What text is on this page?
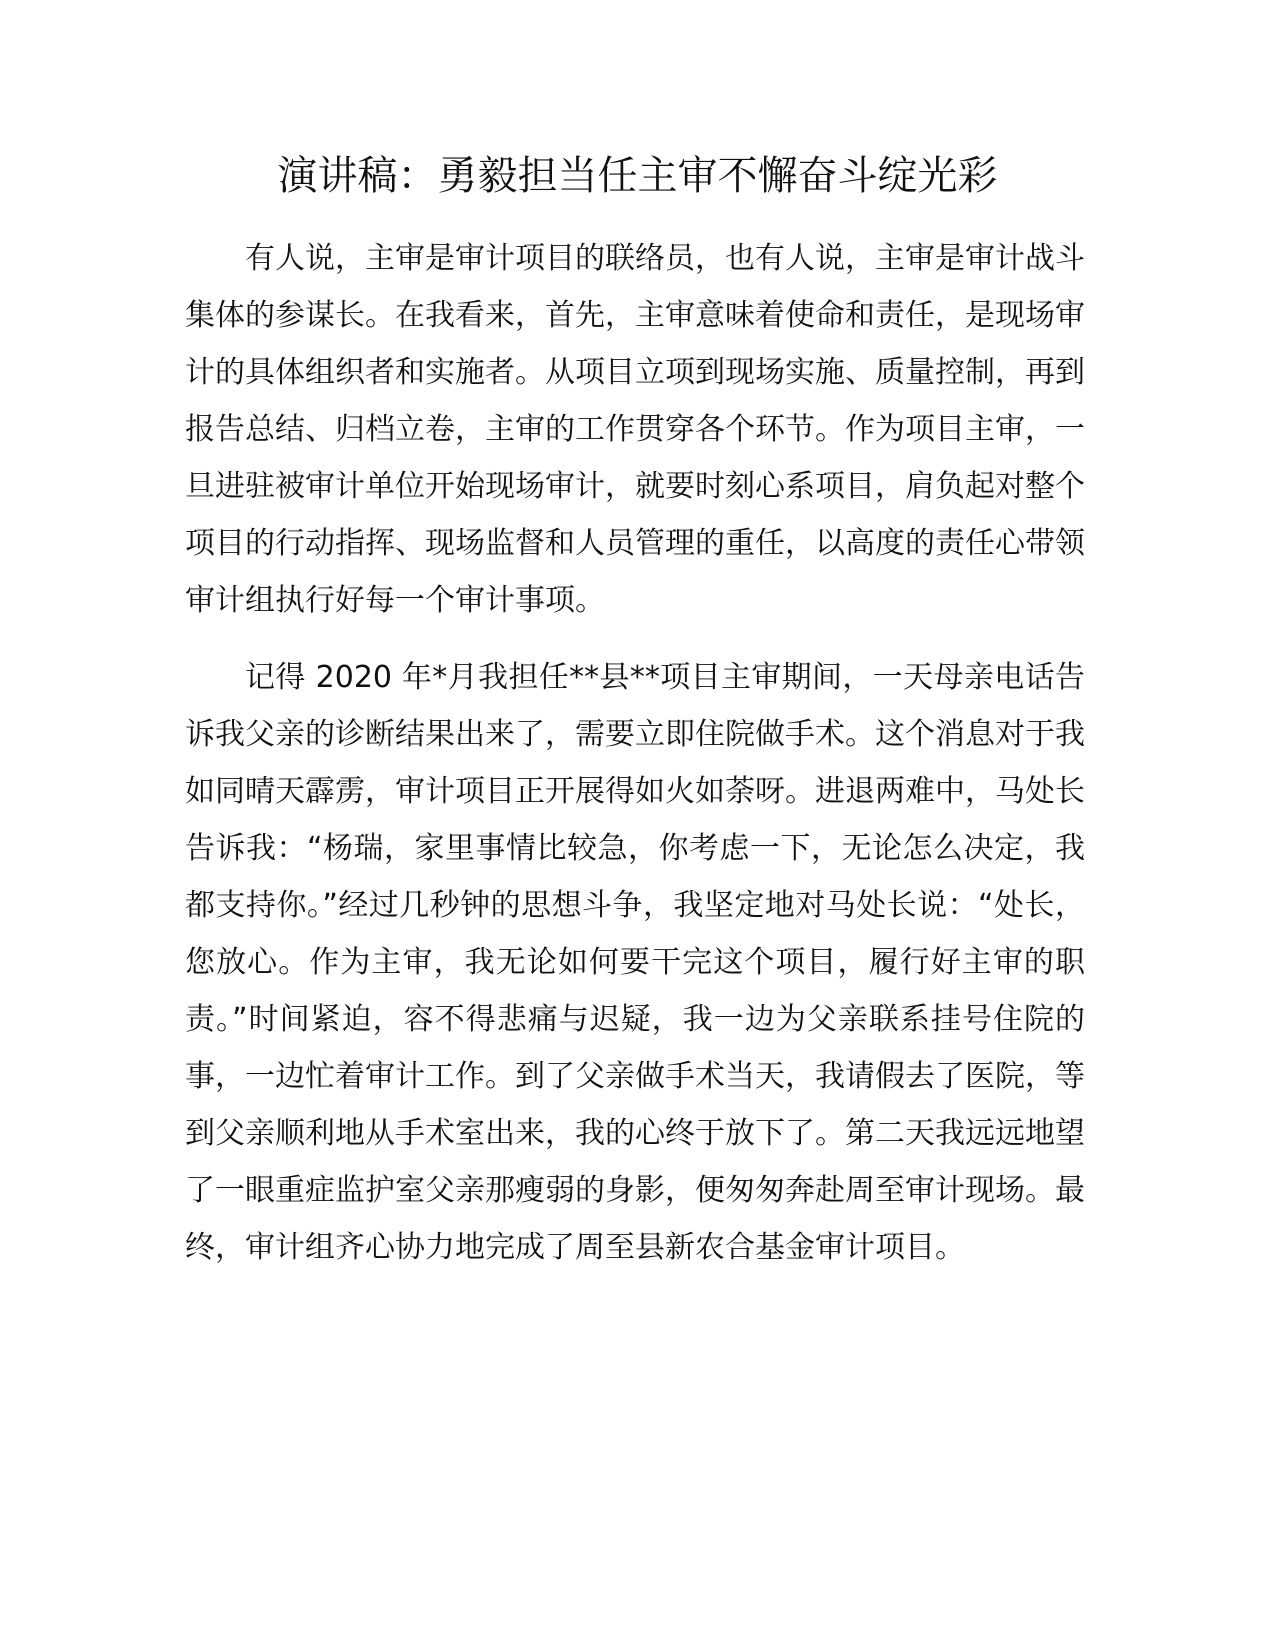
演讲稿：勇毅担当任主审不懈奋斗绽光彩

有人说，主审是审计项目的联络员，也有人说，主审是审计战斗集体的参谋长。在我看来，首先，主审意味着使命和责任，是现场审计的具体组织者和实施者。从项目立项到现场实施、质量控制，再到报告总结、归档立卷，主审的工作贯穿各个环节。作为项目主审，一旦进驻被审计单位开始现场审计，就要时刻心系项目，肩负起对整个项目的行动指挥、现场监督和人员管理的重任，以高度的责任心带领审计组执行好每一个审计事项。

记得 2020 年*月我担任**县**项目主审期间，一天母亲电话告诉我父亲的诊断结果出来了，需要立即住院做手术。这个消息对于我如同晴天霹雳，审计项目正开展得如火如荼呀。进退两难中，马处长告诉我：“杨瑞，家里事情比较急，你考虑一下，无论怎么决定，我都支持你。”经过几秒钟的思想斗争，我坚定地对马处长说：“处长，您放心。作为主审，我无论如何要干完这个项目，履行好主审的职责。”时间紧迫，容不得悲痛与迟疑，我一边为父亲联系挂号住院的事，一边忙着审计工作。到了父亲做手术当天，我请假去了医院，等到父亲顺利地从手术室出来，我的心终于放下了。第二天我远远地望了一眼重症监护室父亲那瘦弱的身影，便匆匆奔赴周至审计现场。最终，审计组齐心协力地完成了周至县新农合基金审计项目。
